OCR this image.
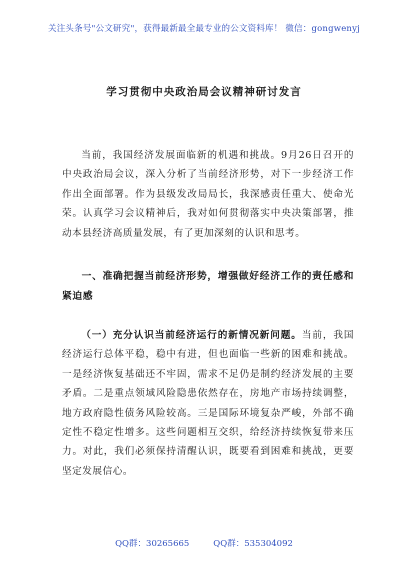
关注头条号"公文研究"，获得最新最全最专业的公文资料库！ 微信：gongwenyj
学习贯彻中央政治局会议精神研讨发言
当前，我国经济发展面临新的机遇和挑战。9月26日召开的中央政治局会议，深入分析了当前经济形势，对下一步经济工作作出全面部署。作为县级发改局局长，我深感责任重大、使命光荣。认真学习会议精神后，我对如何贯彻落实中央决策部署，推动本县经济高质量发展，有了更加深刻的认识和思考。
一、准确把握当前经济形势，增强做好经济工作的责任感和紧迫感
（一）充分认识当前经济运行的新情况新问题。当前，我国经济运行总体平稳，稳中有进，但也面临一些新的困难和挑战。一是经济恢复基础还不牢固，需求不足仍是制约经济发展的主要矛盾。二是重点领域风险隐患依然存在，房地产市场持续调整，地方政府隐性债务风险较高。三是国际环境复杂严峻，外部不确定性不稳定性增多。这些问题相互交织，给经济持续恢复带来压力。对此，我们必须保持清醒认识，既要看到困难和挑战，更要坚定发展信心。
QQ群：30265665	QQ群：535304092
